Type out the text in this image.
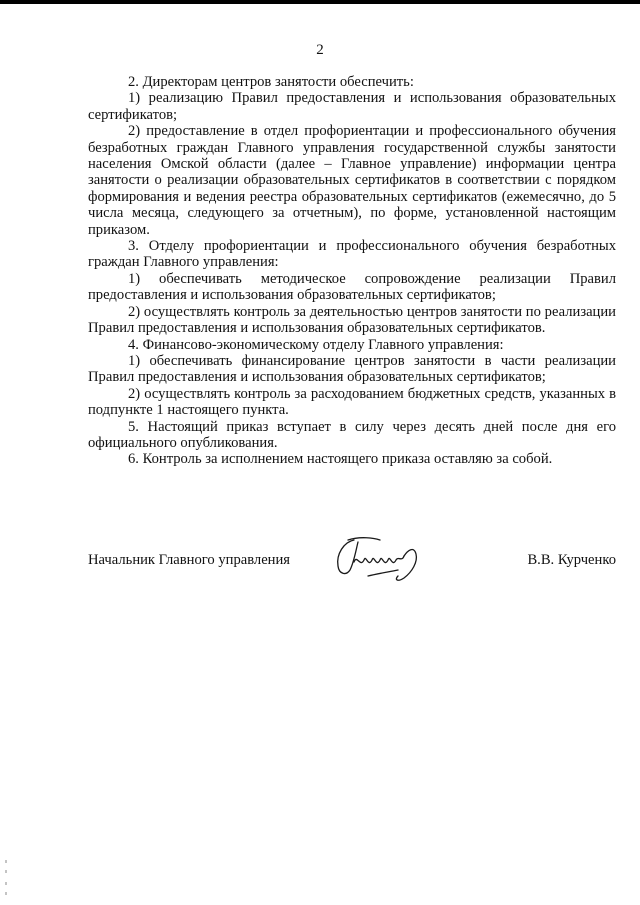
2

2. Директорам центров занятости обеспечить:

1) реализацию Правил предоставления и использования образовательных сертификатов;

2) предоставление в отдел профориентации и профессионального обучения безработных граждан Главного управления государственной службы занятости населения Омской области (далее – Главное управление) информации центра занятости о реализации образовательных сертификатов в соответствии с порядком формирования и ведения реестра образовательных сертификатов (ежемесячно, до 5 числа месяца, следующего за отчетным), по форме, установленной настоящим приказом.

3. Отделу профориентации и профессионального обучения безработных граждан Главного управления:

1) обеспечивать методическое сопровождение реализации Правил предоставления и использования образовательных сертификатов;

2) осуществлять контроль за деятельностью центров занятости по реализации Правил предоставления и использования образовательных сертификатов.

4. Финансово-экономическому отделу Главного управления:

1) обеспечивать финансирование центров занятости в части реализации Правил предоставления и использования образовательных сертификатов;

2) осуществлять контроль за расходованием бюджетных средств, указанных в подпункте 1 настоящего пункта.

5. Настоящий приказ вступает в силу через десять дней после дня его официального опубликования.

6. Контроль за исполнением настоящего приказа оставляю за собой.

Начальник Главного управления	В.В. Курченко
